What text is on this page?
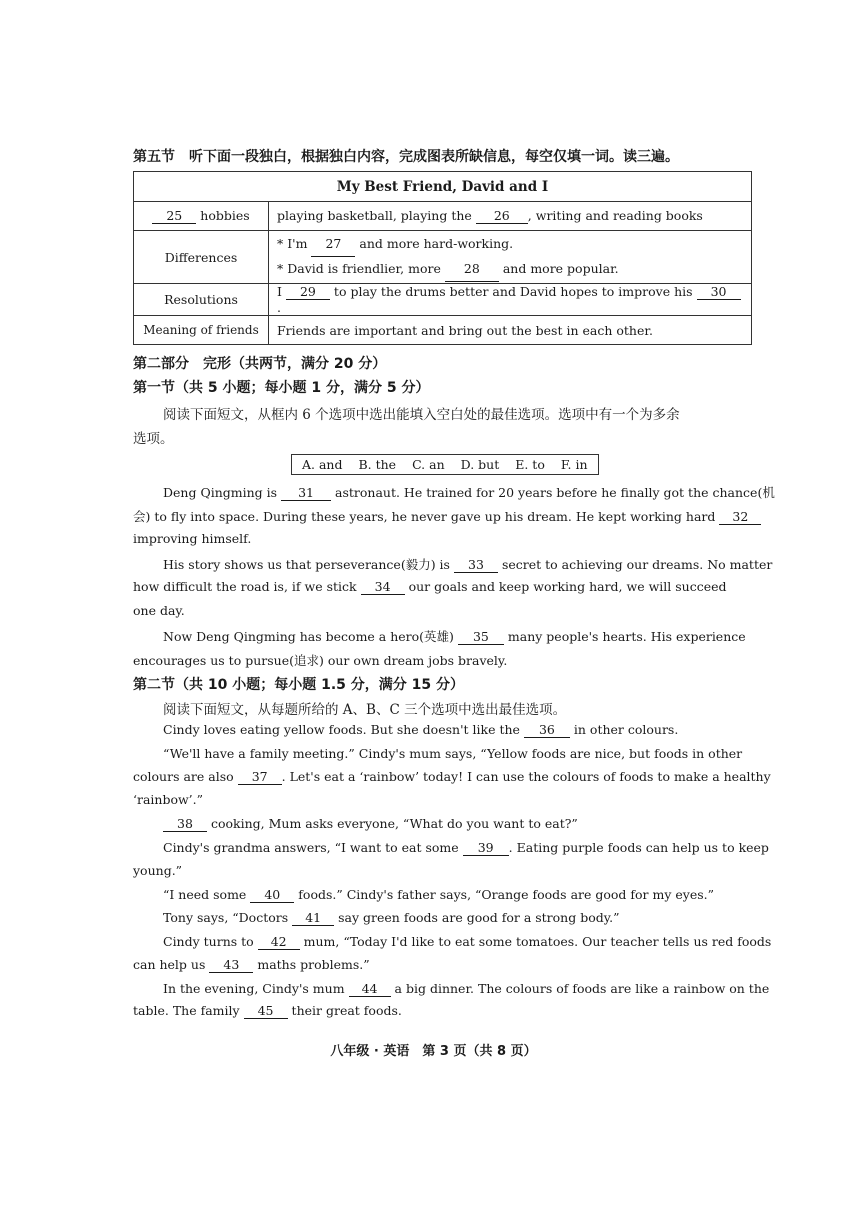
第五节　听下面一段独白，根据独白内容，完成图表所缺信息，每空仅填一词。读三遍。
My Best Friend, David and I	
25 hobbies	playing basketball, playing the 26 , writing and reading books
Differences	* I'm 27 and more hard-working.
* David is friendlier, more 28 and more popular.

Resolutions	I 29 to play the drums better and David hopes to improve his 30.
Meaning of friends	Friends are important and bring out the best in each other.
第二部分　完形（共两节，满分 20 分）
第一节（共 5 小题；每小题 1 分，满分 5 分）
阅读下面短文，从框内 6 个选项中选出能填入空白处的最佳选项。选项中有一个为多余
选项。
A. and B. the C. an D. but E. to F. in
Deng Qingming is 31 astronaut. He trained for 20 years before he finally got the chance(机
会) to fly into space. During these years, he never gave up his dream. He kept working hard 32
improving himself.
His story shows us that perseverance(毅力) is 33 secret to achieving our dreams. No matter
how difficult the road is, if we stick 34 our goals and keep working hard, we will succeed
one day.
Now Deng Qingming has become a hero(英雄) 35 many people's hearts. His experience
encourages us to pursue(追求) our own dream jobs bravely.
第二节（共 10 小题；每小题 1.5 分，满分 15 分）
阅读下面短文，从每题所给的 A、B、C 三个选项中选出最佳选项。
Cindy loves eating yellow foods. But she doesn't like the 36 in other colours.
“We'll have a family meeting.” Cindy's mum says, “Yellow foods are nice, but foods in other
colours are also 37 . Let's eat a ‘rainbow’ today! I can use the colours of foods to make a healthy
‘rainbow’.”
38 cooking, Mum asks everyone, “What do you want to eat?”
Cindy's grandma answers, “I want to eat some 39 . Eating purple foods can help us to keep
young.”
“I need some 40 foods.” Cindy's father says, “Orange foods are good for my eyes.”
Tony says, “Doctors 41 say green foods are good for a strong body.”
Cindy turns to 42 mum, “Today I'd like to eat some tomatoes. Our teacher tells us red foods
can help us 43 maths problems.”
In the evening, Cindy's mum 44 a big dinner. The colours of foods are like a rainbow on the
table. The family 45 their great foods.
八年级 · 英语　第 3 页（共 8 页）
